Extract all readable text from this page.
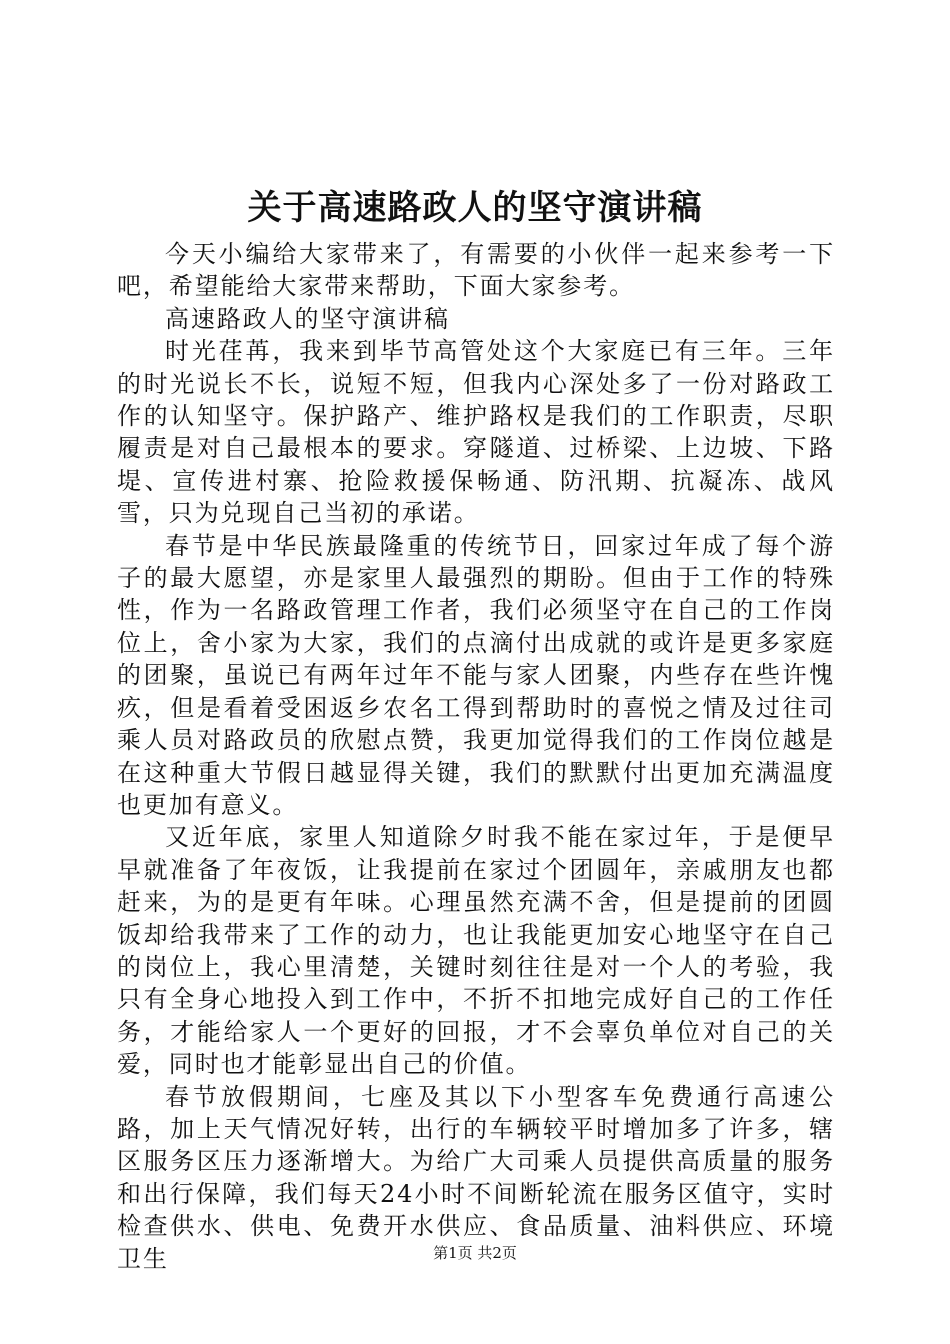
关于高速路政人的坚守演讲稿

今天小编给大家带来了，有需要的小伙伴一起来参考一下吧，希望能给大家带来帮助，下面大家参考。

高速路政人的坚守演讲稿

时光荏苒，我来到毕节高管处这个大家庭已有三年。三年的时光说长不长，说短不短，但我内心深处多了一份对路政工作的认知坚守。保护路产、维护路权是我们的工作职责，尽职履责是对自己最根本的要求。穿隧道、过桥梁、上边坡、下路堤、宣传进村寨、抢险救援保畅通、防汛期、抗凝冻、战风雪，只为兑现自己当初的承诺。

春节是中华民族最隆重的传统节日，回家过年成了每个游子的最大愿望，亦是家里人最强烈的期盼。但由于工作的特殊性，作为一名路政管理工作者，我们必须坚守在自己的工作岗位上，舍小家为大家，我们的点滴付出成就的或许是更多家庭的团聚，虽说已有两年过年不能与家人团聚，内些存在些许愧疚，但是看着受困返乡农名工得到帮助时的喜悦之情及过往司乘人员对路政员的欣慰点赞，我更加觉得我们的工作岗位越是在这种重大节假日越显得关键，我们的默默付出更加充满温度也更加有意义。

又近年底，家里人知道除夕时我不能在家过年，于是便早早就准备了年夜饭，让我提前在家过个团圆年，亲戚朋友也都赶来，为的是更有年味。心理虽然充满不舍，但是提前的团圆饭却给我带来了工作的动力，也让我能更加安心地坚守在自己的岗位上，我心里清楚，关键时刻往往是对一个人的考验，我只有全身心地投入到工作中，不折不扣地完成好自己的工作任务，才能给家人一个更好的回报，才不会辜负单位对自己的关爱，同时也才能彰显出自己的价值。

春节放假期间，七座及其以下小型客车免费通行高速公路，加上天气情况好转，出行的车辆较平时增加多了许多，辖区服务区压力逐渐增大。为给广大司乘人员提供高质量的服务和出行保障，我们每天24小时不间断轮流在服务区值守，实时检查供水、供电、免费开水供应、食品质量、油料供应、环境卫生	第1页 共2页
